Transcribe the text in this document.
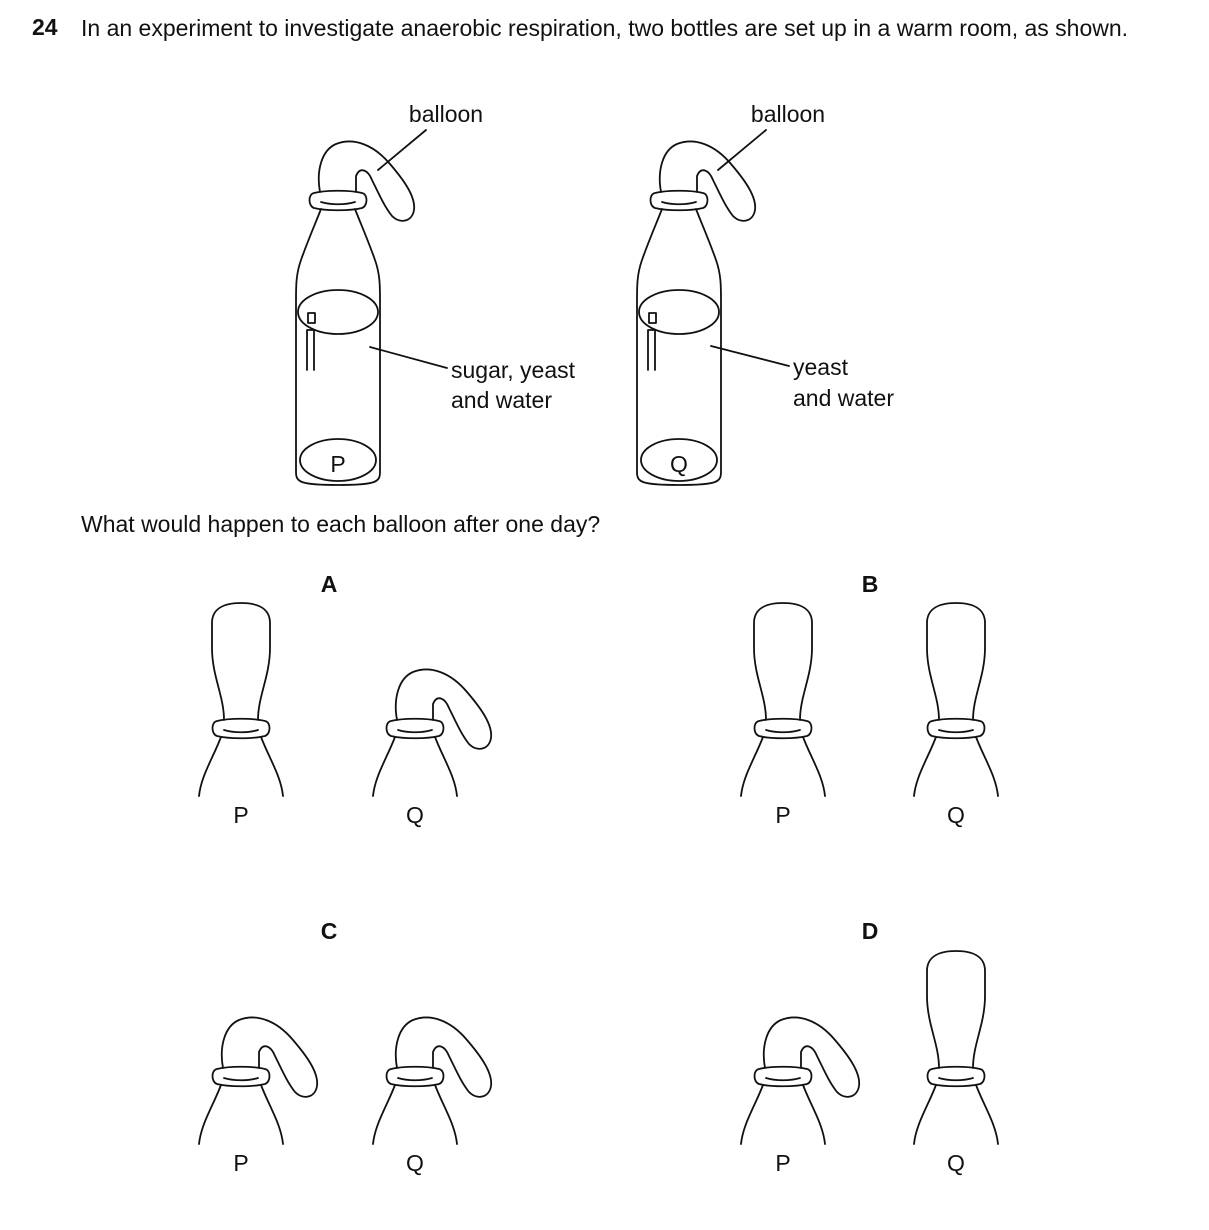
24 In an experiment to investigate anaerobic respiration, two bottles are set up in a warm room, as shown.
What would happen to each balloon after one day?
balloon
sugar, yeast
and water
P
balloon
yeast
and water
Q
A
P	Q
B
P	Q
C
P	Q
D
P	Q
